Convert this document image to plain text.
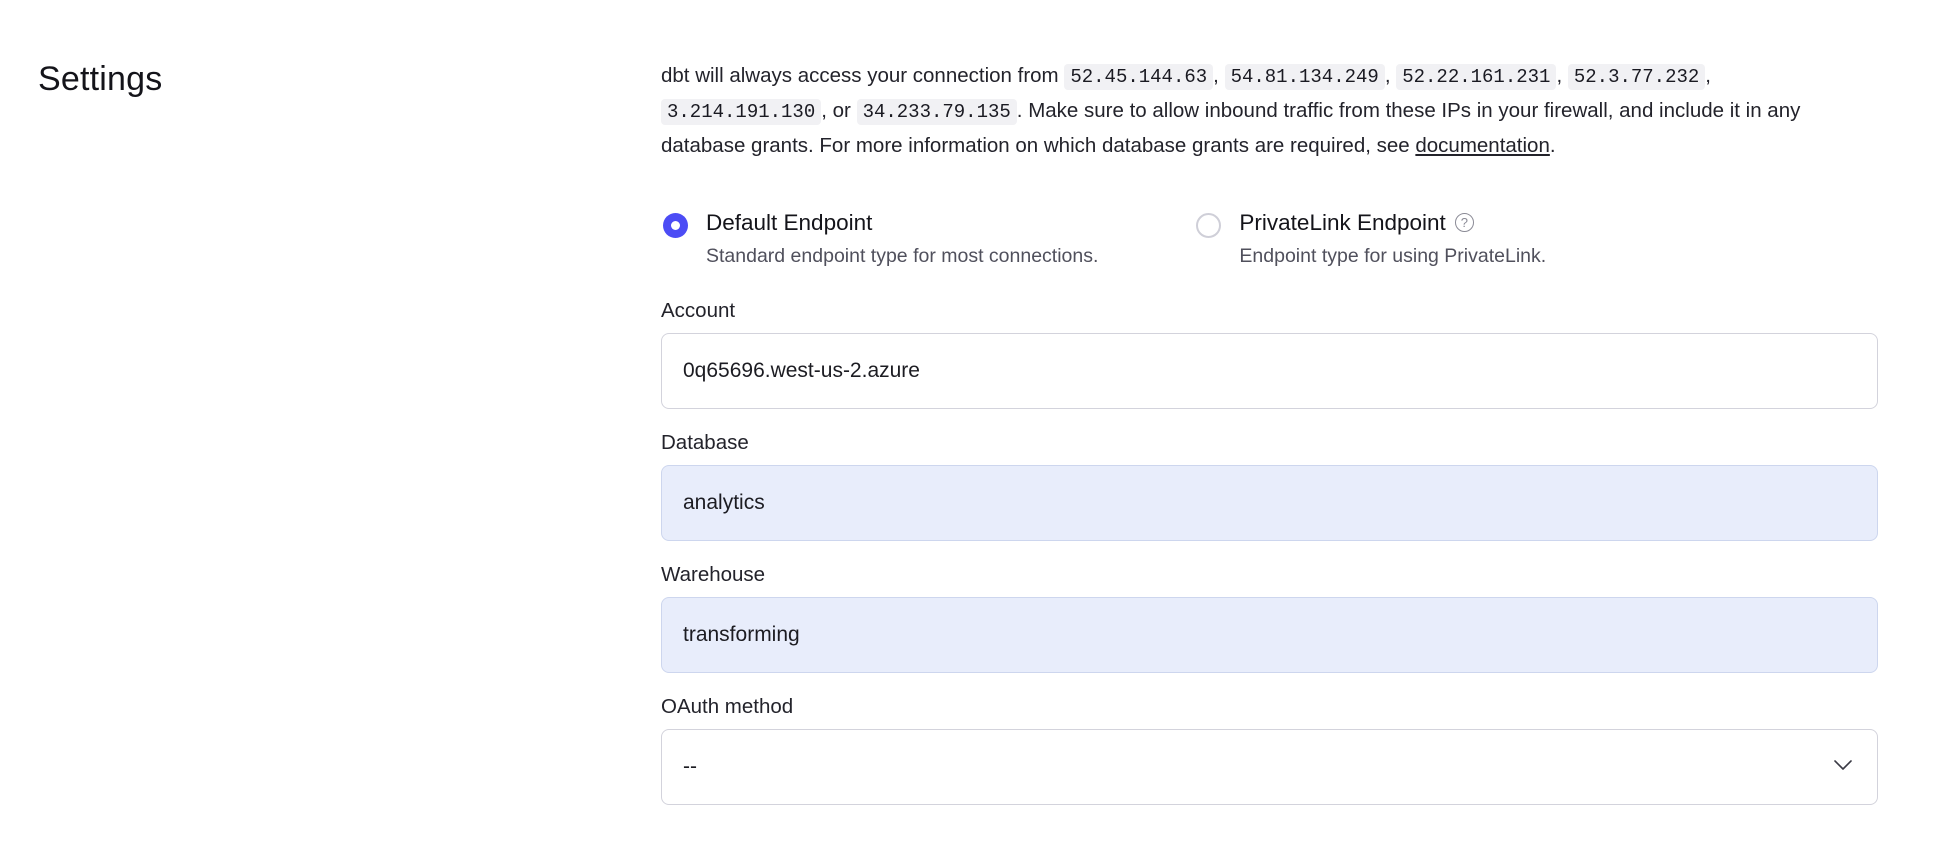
Settings	dbt will always access your connection from 52.45.144.63 , 54.81.134.249 , 52.22.161.231 , 52.3.77.232 , 3.214.191.130 , or 34.233.79.135 . Make sure to allow inbound traffic from these IPs in your firewall, and include it in any database grants. For more information on which database grants are required, see documentation.

Default Endpoint
Standard endpoint type for most connections.
PrivateLink Endpoint	?
Endpoint type for using PrivateLink.
Account
0q65696.west-us-2.azure
Database
analytics
Warehouse
transforming
OAuth method
--
